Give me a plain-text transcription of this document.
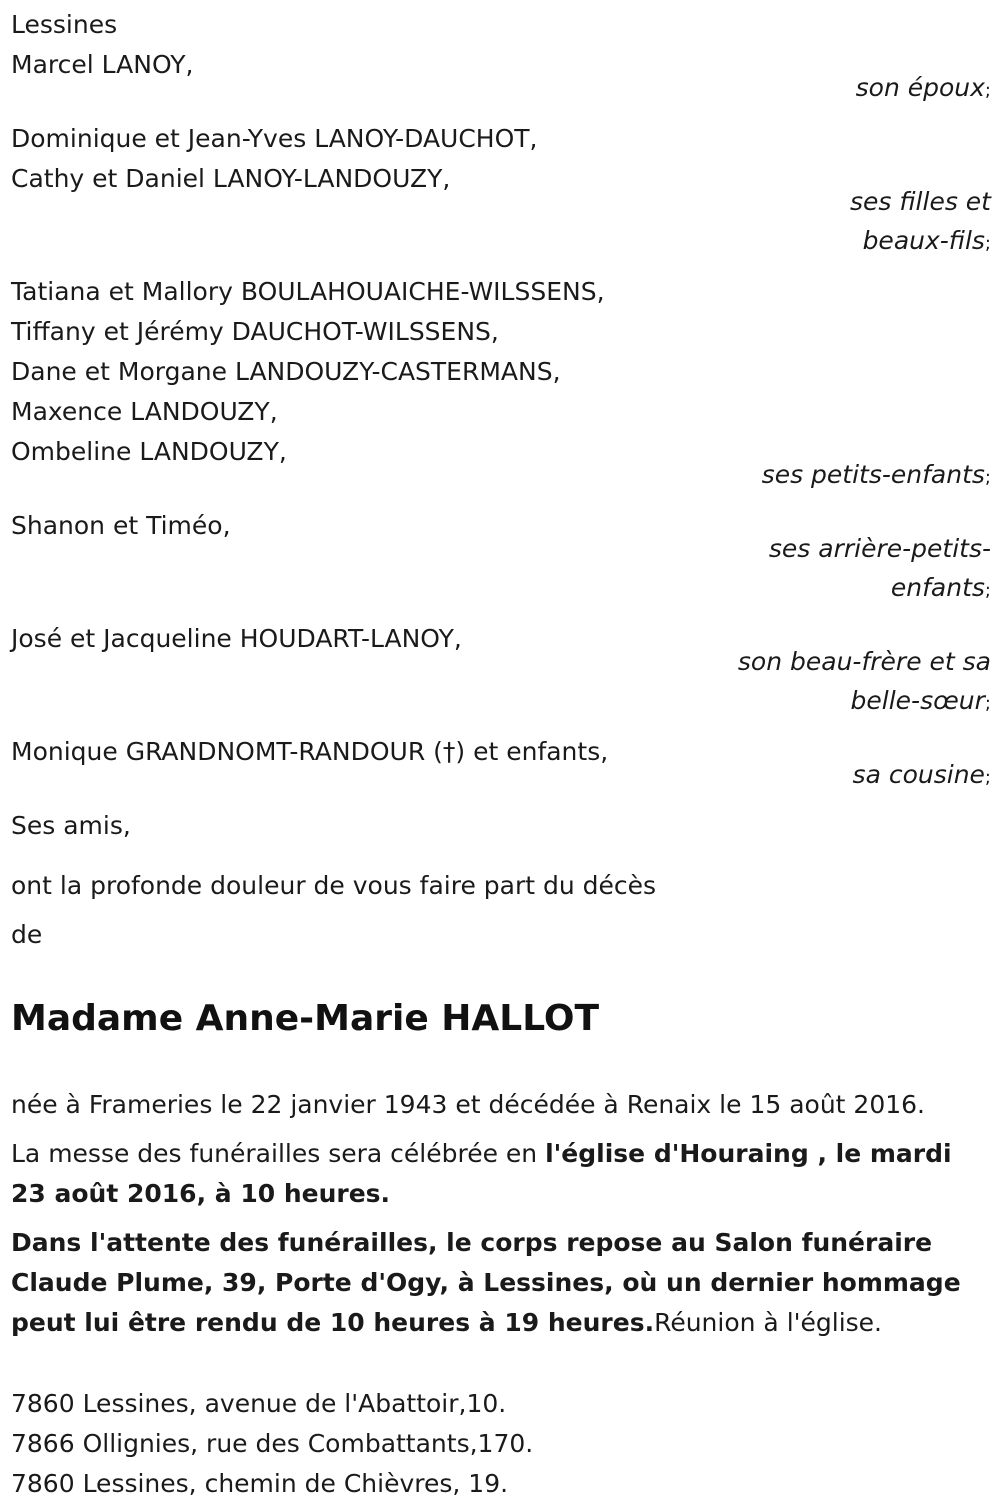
Lessines
Marcel LANOY,
son époux;
Dominique et Jean-Yves LANOY-DAUCHOT,
Cathy et Daniel LANOY-LANDOUZY,
ses filles et
beaux-fils;
Tatiana et Mallory BOULAHOUAICHE-WILSSENS,
Tiffany et Jérémy DAUCHOT-WILSSENS,
Dane et Morgane LANDOUZY-CASTERMANS,
Maxence LANDOUZY,
Ombeline LANDOUZY,
ses petits-enfants;
Shanon et Timéo,
ses arrière-petits-
enfants;
José et Jacqueline HOUDART-LANOY,
son beau-frère et sa
belle-sœur;
Monique GRANDNOMT-RANDOUR (†) et enfants,
sa cousine;
Ses amis,
ont la profonde douleur de vous faire part du décès
de
Madame Anne-Marie HALLOT
née à Frameries le 22 janvier 1943 et décédée à Renaix le 15 août 2016.
La messe des funérailles sera célébrée en l'église d'Houraing , le mardi 23 août 2016, à 10 heures.
Dans l'attente des funérailles, le corps repose au Salon funéraire Claude Plume, 39, Porte d'Ogy, à Lessines, où un dernier hommage peut lui être rendu de 10 heures à 19 heures.Réunion à l'église.
7860 Lessines, avenue de l'Abattoir,10.
7866 Ollignies, rue des Combattants,170.
7860 Lessines, chemin de Chièvres, 19.
